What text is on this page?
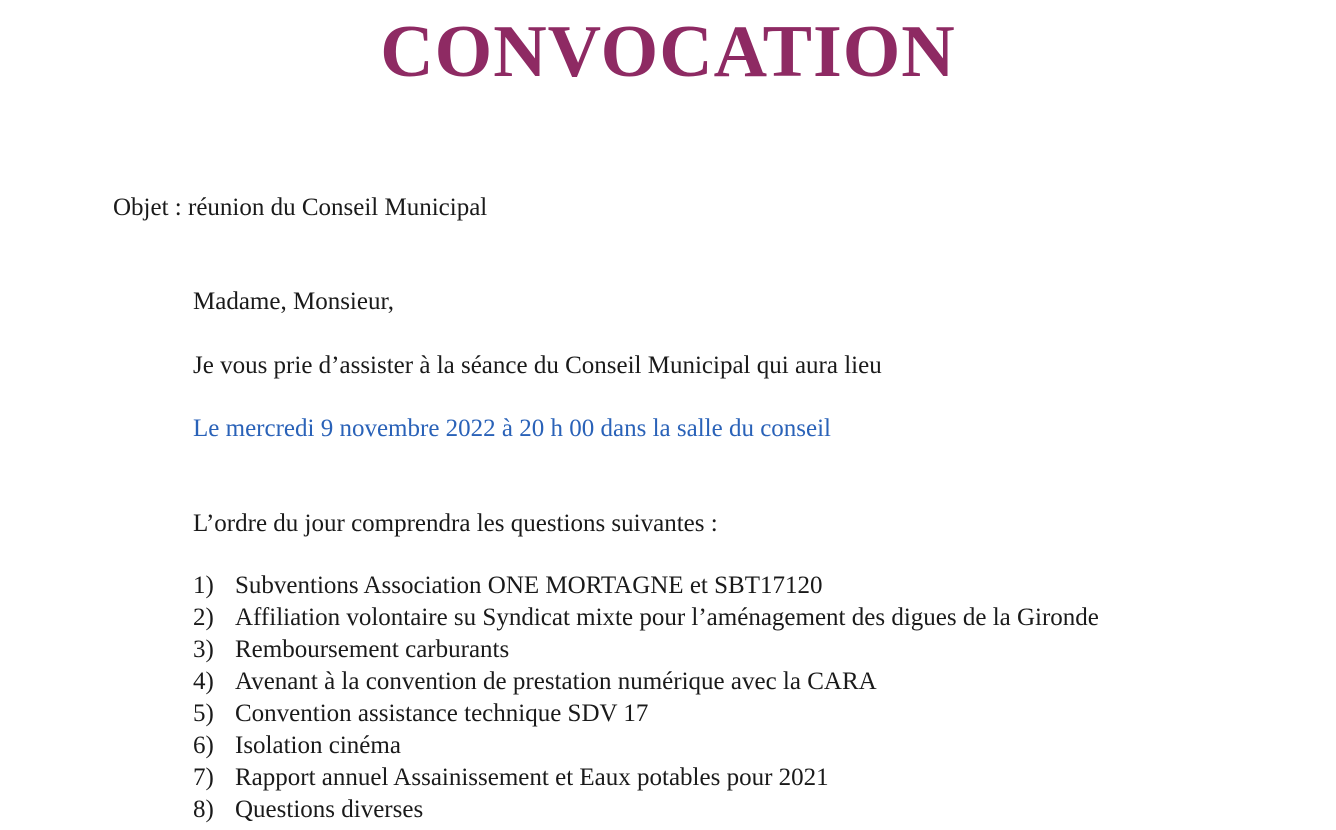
CONVOCATION
Objet : réunion du Conseil Municipal
Madame, Monsieur,
Je vous prie d’assister à la séance du Conseil Municipal qui aura lieu
Le mercredi 9 novembre 2022 à 20 h 00 dans la salle du conseil
L’ordre du jour comprendra les questions suivantes :
1) Subventions Association ONE MORTAGNE et SBT17120
2) Affiliation volontaire su Syndicat mixte pour l’aménagement des digues de la Gironde
3) Remboursement carburants
4) Avenant à la convention de prestation numérique avec la CARA
5) Convention assistance technique SDV 17
6) Isolation cinéma
7) Rapport annuel Assainissement et Eaux potables pour 2021
8) Questions diverses
